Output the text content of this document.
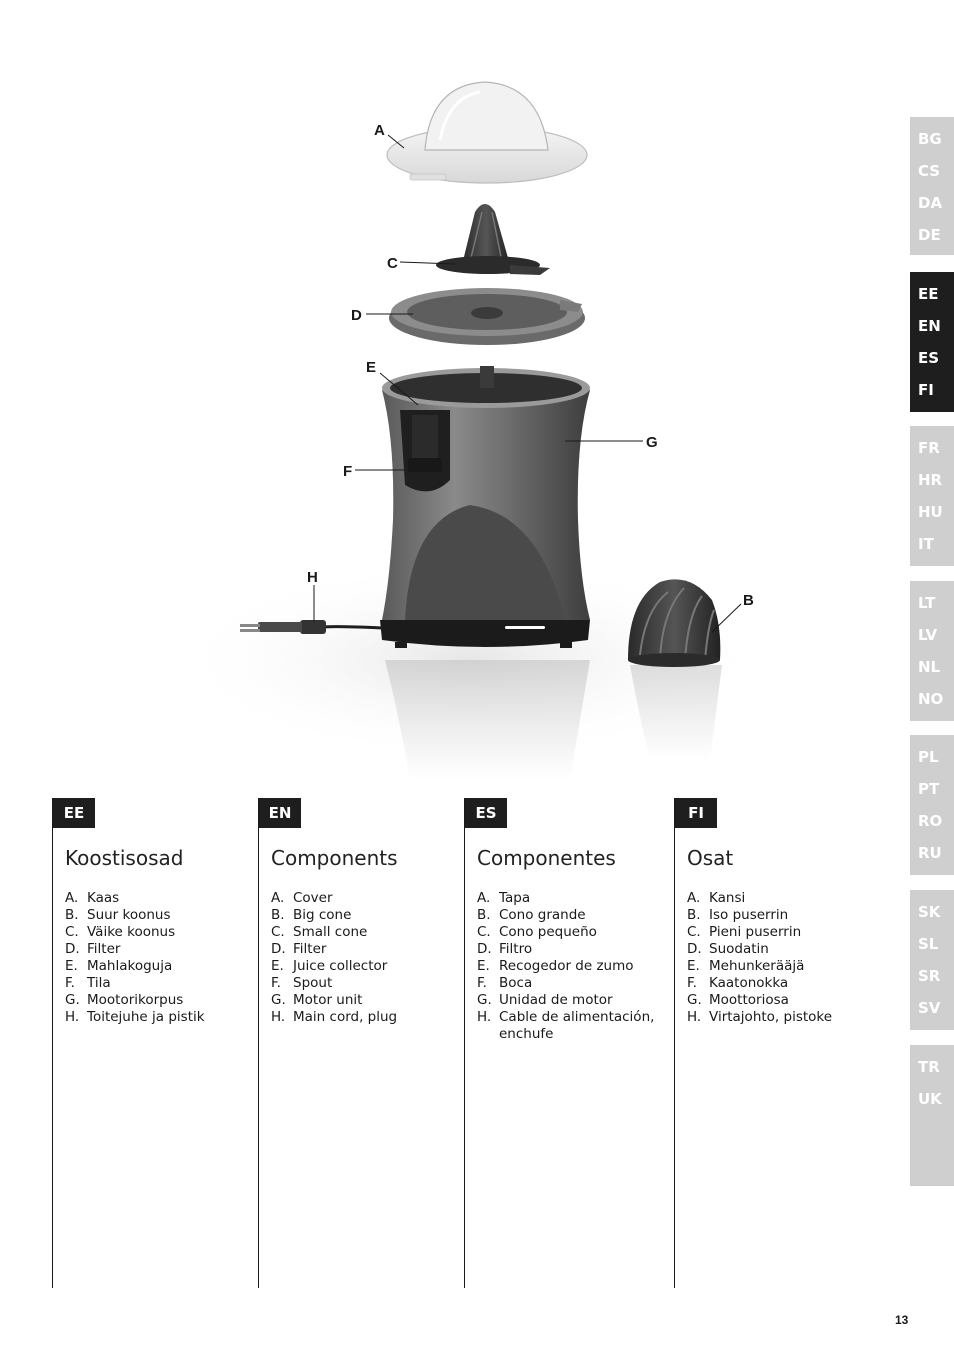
A
C
D
E
F
G
H
B
BG
CS
DA
DE
EE
EN
ES
FI
FR
HR
HU
IT
LT
LV
NL
NO
PL
PT
RO
RU
SK
SL
SR
SV
TR
UK
EE
Koostisosad
A. Kaas
B. Suur koonus
C. Väike koonus
D. Filter
E. Mahlakoguja
F. Tila
G. Mootorikorpus
H. Toitejuhe ja pistik
EN
Components
A. Cover
B. Big cone
C. Small cone
D. Filter
E. Juice collector
F. Spout
G. Motor unit
H. Main cord, plug
ES
Componentes
A. Tapa
B. Cono grande
C. Cono pequeño
D. Filtro
E. Recogedor de zumo
F. Boca
G. Unidad de motor
H. Cable de alimentación, enchufe
FI
Osat
A. Kansi
B. Iso puserrin
C. Pieni puserrin
D. Suodatin
E. Mehunkerääjä
F. Kaatonokka
G. Moottoriosa
H. Virtajohto, pistoke
13
